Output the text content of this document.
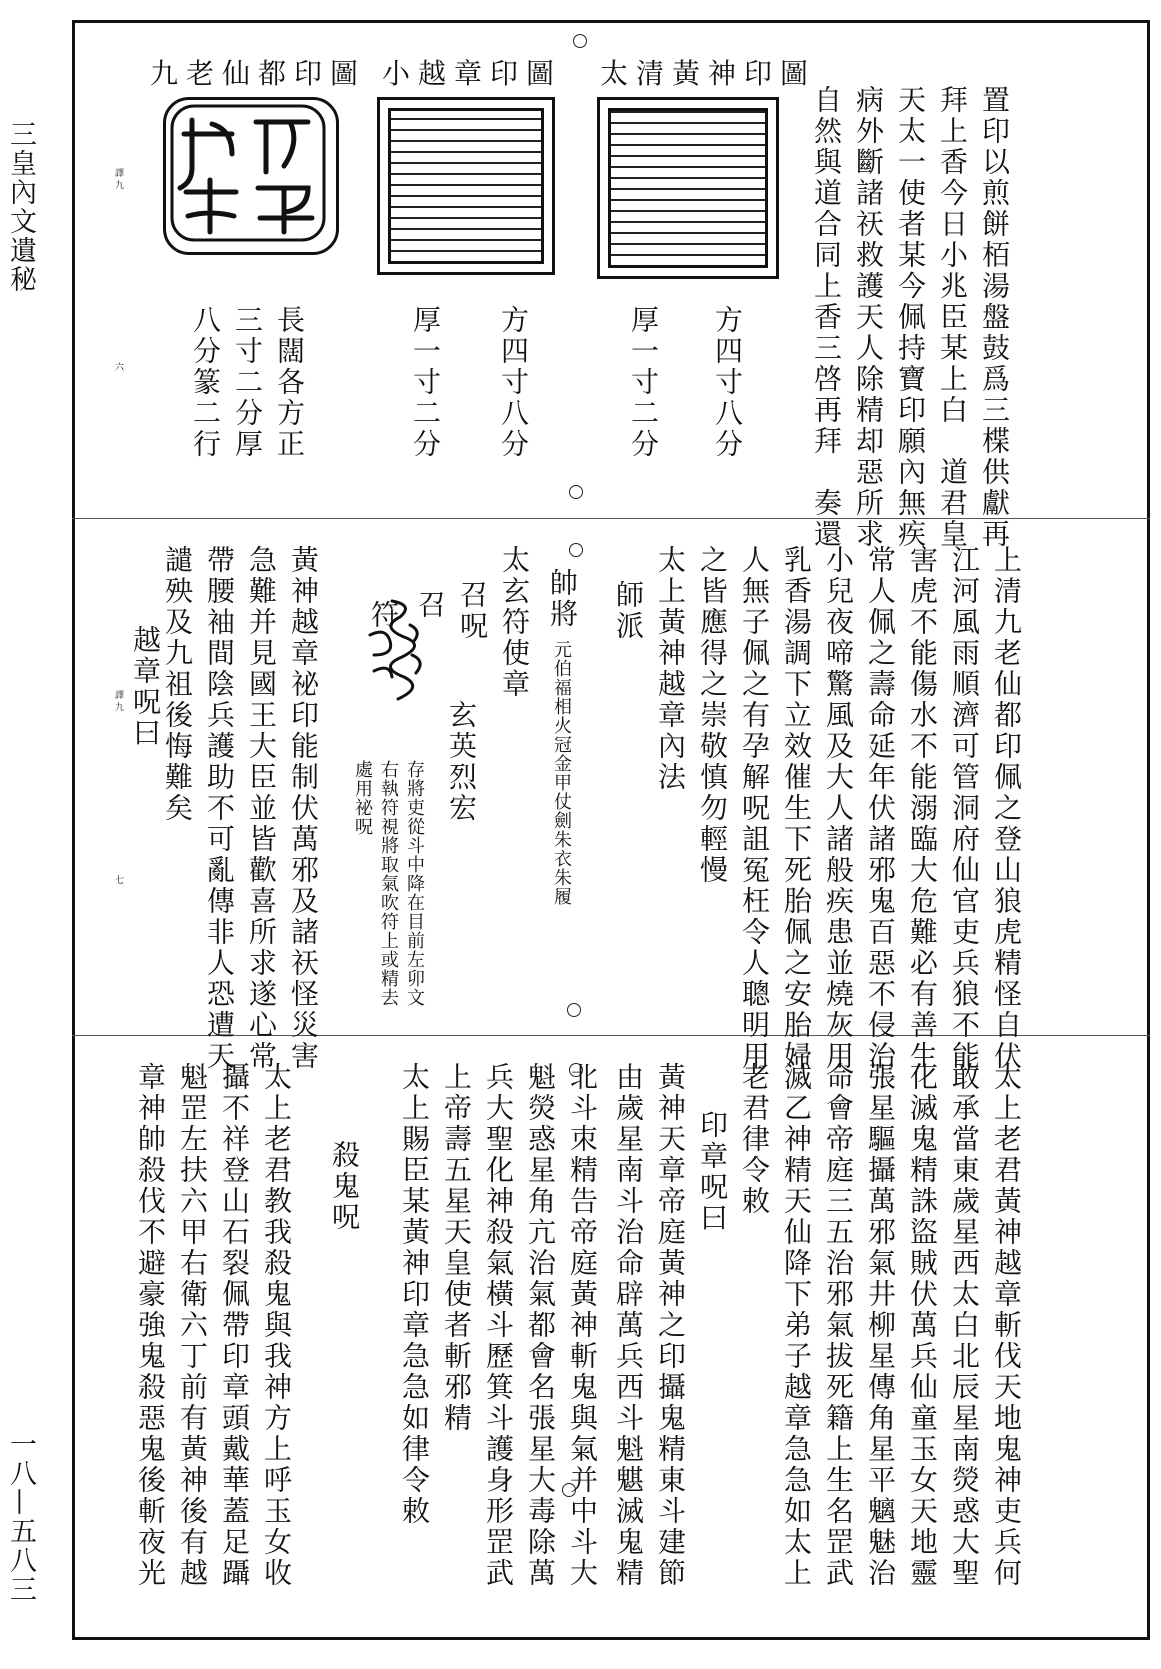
三皇內文遺秘
一八—五八三
置印以煎餅栢湯盤鼓爲三楪供獻再
拜上香今日小兆臣某上白　道君皇
天太一使者某今佩持寶印願內無疾
病外斷諸祆救護天人除精却惡所求
自然與道合同上香三啓再拜　奏還
太清黃神印圖
方四寸八分
厚一寸二分
小越章印圖
方四寸八分
厚一寸二分
九老仙都印圖
長闊各方正
三寸二分厚
八分篆二行
譯九
六
上清九老仙都印佩之登山狼虎精怪自伏
江河風雨順濟可管洞府仙官吏兵狼不能
害虎不能傷水不能溺臨大危難必有善生
常人佩之壽命延年伏諸邪鬼百惡不侵治
小兒夜啼驚風及大人諸般疾患並燒灰用
乳香湯調下立效催生下死胎佩之安胎婦
人無子佩之有孕解呪詛冤枉令人聰明用
之皆應得之崇敬慎勿輕慢
太上黃神越章內法
師派
帥將
元伯福相火冠金甲仗劍朱衣朱履
太玄符使章
召呪
玄英烈宏
存將吏從斗中降在目前左卯文
右執符視將取氣吹符上或精去
處用祕呪
召
符
黃神越章祕印能制伏萬邪及諸祆怪災害
急難并見國王大臣並皆歡喜所求遂心常
帶腰袖間陰兵護助不可亂傳非人恐遭天
譴殃及九祖後悔難矣
越章呪曰
譯九
七
太上老君黃神越章斬伐天地鬼神吏兵何
敢承當東歲星西太白北辰星南熒惑大聖
化滅鬼精誅盜賊伏萬兵仙童玉女天地靈
張星驅攝萬邪氣井柳星傳角星平魑魅治
命會帝庭三五治邪氣拔死籍上生名罡武
滅乙神精天仙降下弟子越章急急如太上
老君律令敕
印章呪曰
黃神天章帝庭黃神之印攝鬼精東斗建節
由歲星南斗治命辟萬兵西斗魁魌滅鬼精
北斗朿精告帝庭黃神斬鬼與氣并中斗大
魁熒惑星角亢治氣都會名張星大毒除萬
兵大聖化神殺氣橫斗歷箕斗護身形罡武
上帝壽五星天皇使者斬邪精
太上賜臣某黃神印章急急如律令敕
殺鬼呪
太上老君教我殺鬼與我神方上呼玉女收
攝不祥登山石裂佩帶印章頭戴華蓋足躡
魁罡左扶六甲右衛六丁前有黃神後有越
章神帥殺伐不避豪強鬼殺惡鬼後斬夜光
